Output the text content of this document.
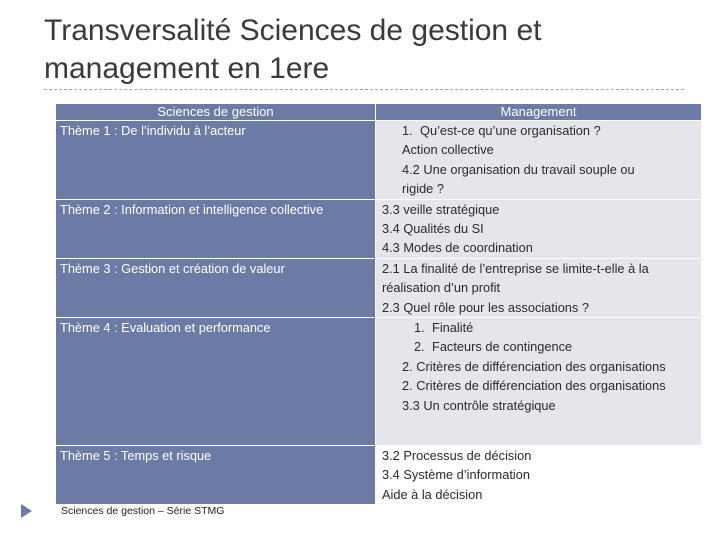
Transversalité Sciences de gestion et
management en 1ere
Sciences de gestion	Management
Thème 1 : De l’individu à l’acteur	1. Qu’est-ce qu’une organisation ?
Action collective
4.2 Une organisation du travail souple ou
rigide ?

Thème 2 : Information et intelligence collective	3.3 veille stratégique
3.4 Qualités du SI
4.3 Modes de coordination

Thème 3 : Gestion et création de valeur	2.1 La finalité de l’entreprise se limite-t-elle à la
réalisation d’un profit
2.3 Quel rôle pour les associations ?

Thème 4 : Evaluation et performance	1. Finalité
2. Facteurs de contingence
2. Critères de différenciation des organisations
2. Critères de différenciation des organisations
3.3 Un contrôle stratégique

Thème 5 : Temps et risque	3.2 Processus de décision
3.4 Système d’information
Aide à la décision
Sciences de gestion – Série STMG
